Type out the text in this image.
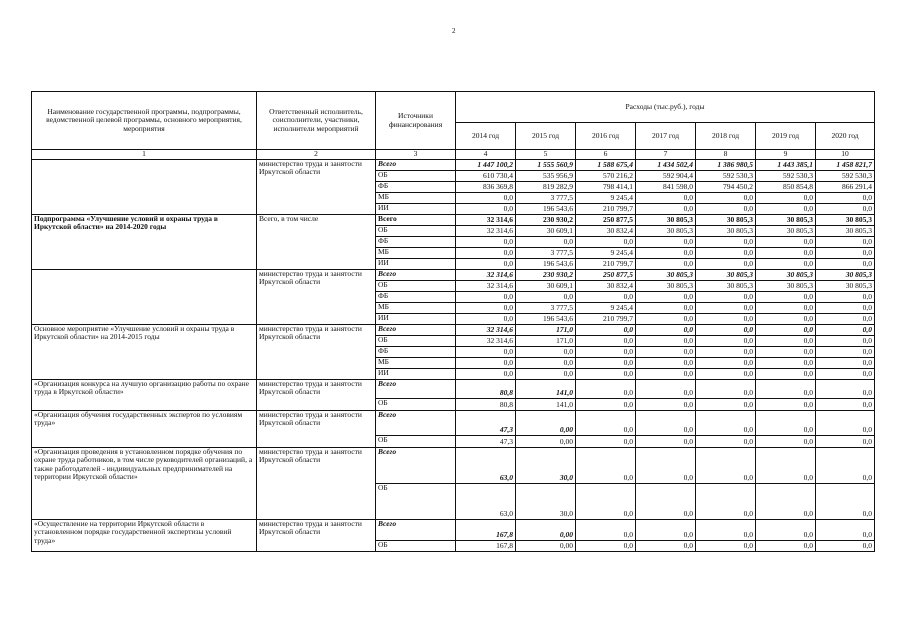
2
Наименование государственной программы, подпрограммы, ведомственной целевой программы, основного мероприятия, мероприятия	Ответственный исполнитель, соисполнители, участники, исполнители мероприятий	Источники финансирования	Расходы (тыс.руб.), годы						
			2014 год	2015 год	2016 год	2017 год	2018 год	2019 год	2020 год
1	2	3	4	5	6	7	8	9	10
	министерство труда и занятости Иркутской области	Всего	1 447 100,2	1 555 560,9	1 588 675,4	1 434 502,4	1 386 980,5	1 443 385,1	1 458 821,7
		ОБ	610 730,4	535 956,9	570 216,2	592 904,4	592 530,3	592 530,3	592 530,3
		ФБ	836 369,8	819 282,9	798 414,1	841 598,0	794 450,2	850 854,8	866 291,4
		МБ	0,0	3 777,5	9 245,4	0,0	0,0	0,0	0,0
		ИИ	0,0	196 543,6	210 799,7	0,0	0,0	0,0	0,0
Подпрограмма «Улучшение условий и охраны труда в Иркутской области» на 2014-2020 годы	Всего, в том числе	Всего	32 314,6	230 930,2	250 877,5	30 805,3	30 805,3	30 805,3	30 805,3
		ОБ	32 314,6	30 609,1	30 832,4	30 805,3	30 805,3	30 805,3	30 805,3
		ФБ	0,0	0,0	0,0	0,0	0,0	0,0	0,0
		МБ	0,0	3 777,5	9 245,4	0,0	0,0	0,0	0,0
		ИИ	0,0	196 543,6	210 799,7	0,0	0,0	0,0	0,0
	министерство труда и занятости Иркутской области	Всего	32 314,6	230 930,2	250 877,5	30 805,3	30 805,3	30 805,3	30 805,3
		ОБ	32 314,6	30 609,1	30 832,4	30 805,3	30 805,3	30 805,3	30 805,3
		ФБ	0,0	0,0	0,0	0,0	0,0	0,0	0,0
		МБ	0,0	3 777,5	9 245,4	0,0	0,0	0,0	0,0
		ИИ	0,0	196 543,6	210 799,7	0,0	0,0	0,0	0,0
Основное мероприятие «Улучшение условий и охраны труда в Иркутской области» на 2014-2015 годы	министерство труда и занятости Иркутской области	Всего	32 314,6	171,0	0,0	0,0	0,0	0,0	0,0
		ОБ	32 314,6	171,0	0,0	0,0	0,0	0,0	0,0
		ФБ	0,0	0,0	0,0	0,0	0,0	0,0	0,0
		МБ	0,0	0,0	0,0	0,0	0,0	0,0	0,0
		ИИ	0,0	0,0	0,0	0,0	0,0	0,0	0,0
«Организация конкурса на лучшую организацию работы по охране труда в Иркутской области»	министерство труда и занятости Иркутской области	Всего	80,8	141,0	0,0	0,0	0,0	0,0	0,0
		ОБ	80,8	141,0	0,0	0,0	0,0	0,0	0,0
«Организация обучения государственных экспертов по условиям труда»	министерство труда и занятости Иркутской области	Всего	47,3	0,00	0,0	0,0	0,0	0,0	0,0
		ОБ	47,3	0,00	0,0	0,0	0,0	0,0	0,0
«Организация проведения в установленном порядке обучения по охране труда работников, в том числе руководителей организаций, а также работодателей - индивидуальных предпринимателей на территории Иркутской области»	министерство труда и занятости Иркутской области	Всего	63,0	30,0	0,0	0,0	0,0	0,0	0,0
		ОБ	63,0	30,0	0,0	0,0	0,0	0,0	0,0
«Осуществление на территории Иркутской области в установленном порядке государственной экспертизы условий труда»	министерство труда и занятости Иркутской области	Всего	167,8	0,00	0,0	0,0	0,0	0,0	0,0
		ОБ	167,8	0,00	0,0	0,0	0,0	0,0	0,0
